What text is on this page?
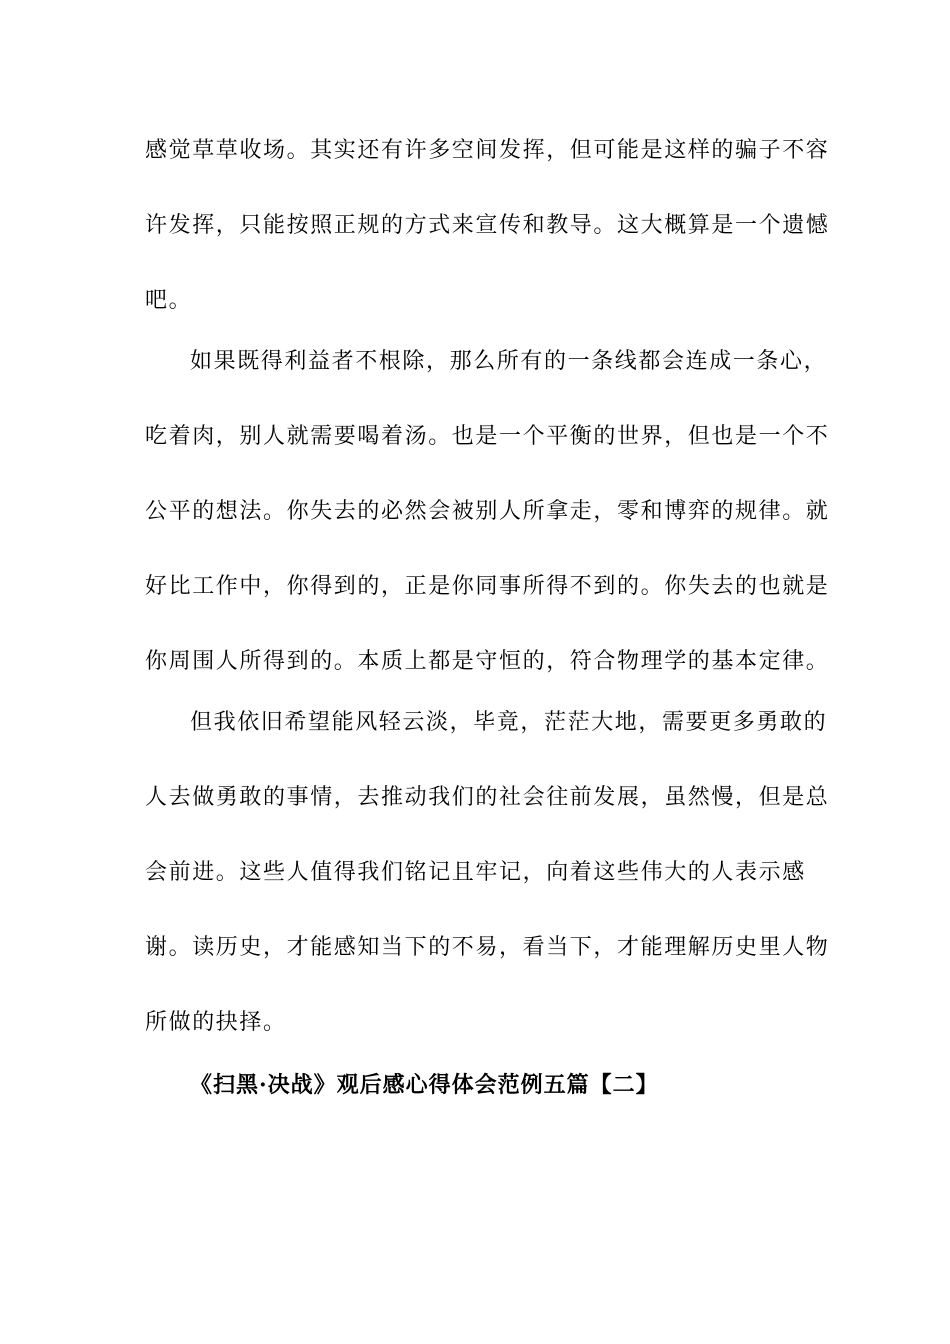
感觉草草收场。其实还有许多空间发挥，但可能是这样的骗子不容
许发挥，只能按照正规的方式来宣传和教导。这大概算是一个遗憾
吧。
如果既得利益者不根除，那么所有的一条线都会连成一条心，
吃着肉，别人就需要喝着汤。也是一个平衡的世界，但也是一个不
公平的想法。你失去的必然会被别人所拿走，零和博弈的规律。就
好比工作中，你得到的，正是你同事所得不到的。你失去的也就是
你周围人所得到的。本质上都是守恒的，符合物理学的基本定律。
但我依旧希望能风轻云淡，毕竟，茫茫大地，需要更多勇敢的
人去做勇敢的事情，去推动我们的社会往前发展，虽然慢，但是总
会前进。这些人值得我们铭记且牢记，向着这些伟大的人表示感
谢。读历史，才能感知当下的不易，看当下，才能理解历史里人物
所做的抉择。
《扫黑·决战》观后感心得体会范例五篇【二】
